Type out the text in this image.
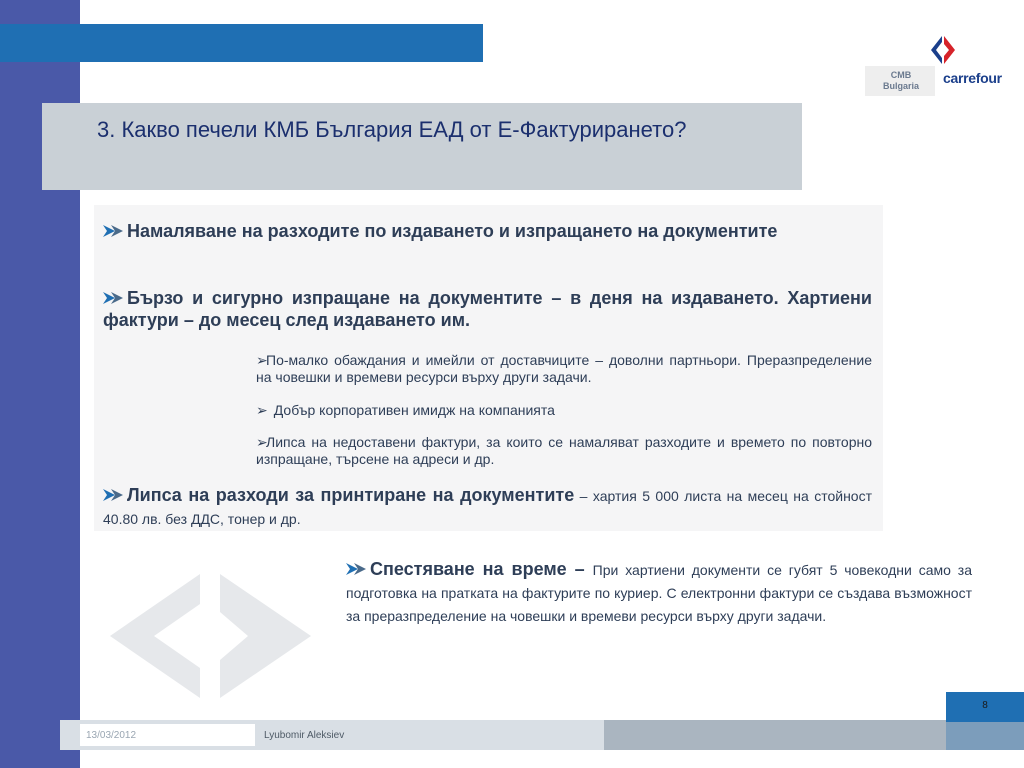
CMB
Bulgaria	carrefour
3. Какво печели КМБ България ЕАД от Е-Фактурирането?
Намаляване на разходите по издаването и изпращането на документите
Бързо и сигурно изпращане на документите – в деня на издаването. Хартиени фактури – до месец след издаването им.
➢По-малко обаждания и имейли от доставчиците – доволни партньори. Преразпределение на човешки и времеви ресурси върху други задачи.
➢ Добър корпоративен имидж на компанията
➢Липса на недоставени фактури, за които се намаляват разходите и времето по повторно изпращане, търсене на адреси и др.
Липса на разходи за принтиране на документите – хартия 5 000 листа на месец на стойност 40.80 лв. без ДДС, тонер и др.
Спестяване на време – При хартиени документи се губят 5 човекодни само за подготовка на пратката на фактурите по куриер. С електронни фактури се създава възможност за преразпределение на човешки и времеви ресурси върху други задачи.
13/03/2012	Lyubomir Aleksiev
8
